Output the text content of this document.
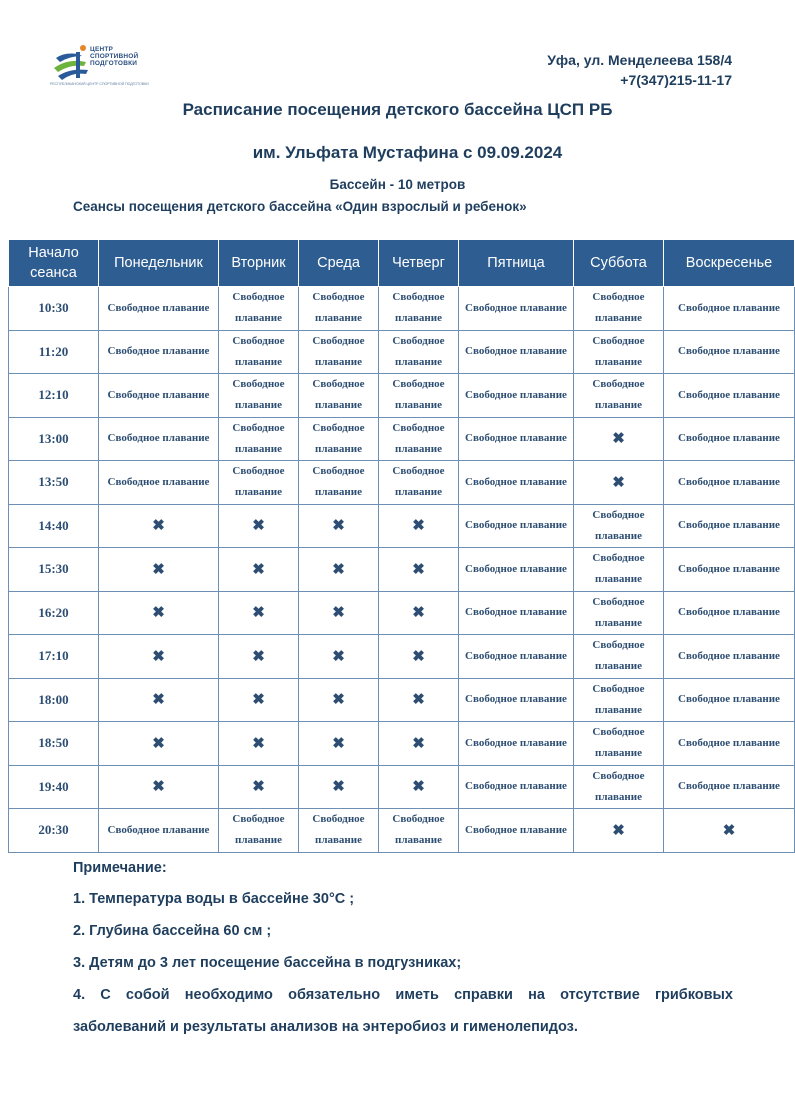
ЦЕНТР
СПОРТИВНОЙ
ПОДГОТОВКИ
РЕСПУБЛИКАНСКИЙ ЦЕНТР СПОРТИВНОЙ ПОДГОТОВКИ
Уфа, ул. Менделеева 158/4
+7(347)215-11-17
Расписание посещения детского бассейна ЦСП РБ
им. Ульфата Мустафина с 09.09.2024
Бассейн - 10 метров
Сеансы посещения детского бассейна «Один взрослый и ребенок»
Начало сеанса	Понедельник	Вторник	Среда	Четверг	Пятница	Суббота	Воскресенье
10:30	Свободное плавание	Свободное плавание	Свободное плавание	Свободное плавание	Свободное плавание	Свободное плавание	Свободное плавание
11:20	Свободное плавание	Свободное плавание	Свободное плавание	Свободное плавание	Свободное плавание	Свободное плавание	Свободное плавание
12:10	Свободное плавание	Свободное плавание	Свободное плавание	Свободное плавание	Свободное плавание	Свободное плавание	Свободное плавание
13:00	Свободное плавание	Свободное плавание	Свободное плавание	Свободное плавание	Свободное плавание	✖	Свободное плавание
13:50	Свободное плавание	Свободное плавание	Свободное плавание	Свободное плавание	Свободное плавание	✖	Свободное плавание
14:40	✖	✖	✖	✖	Свободное плавание	Свободное плавание	Свободное плавание
15:30	✖	✖	✖	✖	Свободное плавание	Свободное плавание	Свободное плавание
16:20	✖	✖	✖	✖	Свободное плавание	Свободное плавание	Свободное плавание
17:10	✖	✖	✖	✖	Свободное плавание	Свободное плавание	Свободное плавание
18:00	✖	✖	✖	✖	Свободное плавание	Свободное плавание	Свободное плавание
18:50	✖	✖	✖	✖	Свободное плавание	Свободное плавание	Свободное плавание
19:40	✖	✖	✖	✖	Свободное плавание	Свободное плавание	Свободное плавание
20:30	Свободное плавание	Свободное плавание	Свободное плавание	Свободное плавание	Свободное плавание	✖	✖
Примечание:
1. Температура воды в бассейне 30°С ;
2. Глубина бассейна 60 см ;
3. Детям до 3 лет посещение бассейна в подгузниках;
4. С собой необходимо обязательно иметь справки на отсутствие грибковых
заболеваний и результаты анализов на энтеробиоз и гименолепидоз.
